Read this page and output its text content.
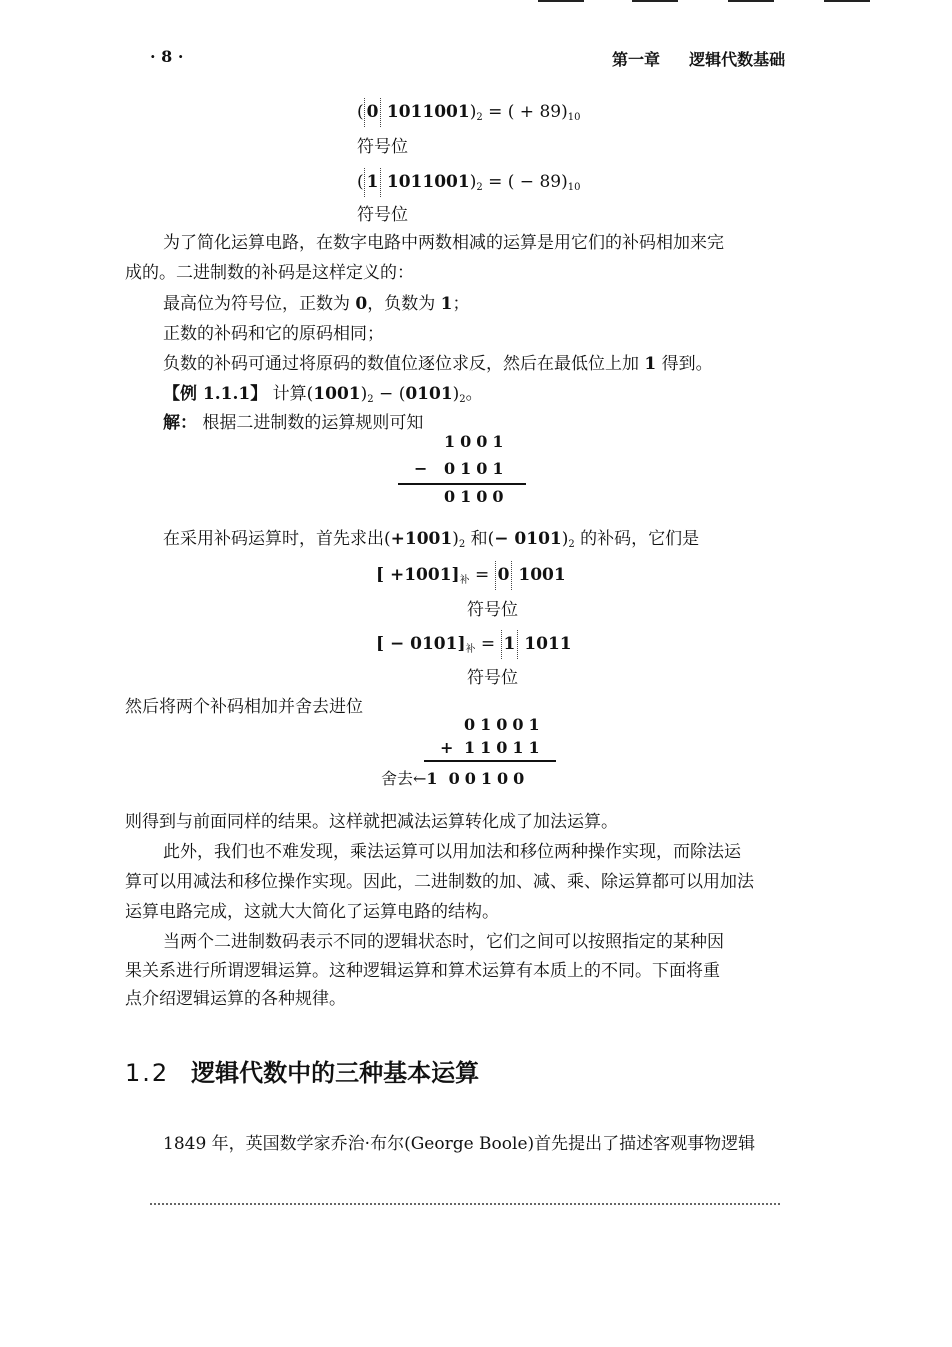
· 8 ·	第一章 逻辑代数基础
( 0 $1011001)_2$ = ( + $89)_{10}$
符号位
( 1 $1011001)_2$ = ( − $89)_{10}$
符号位
为了简化运算电路，在数字电路中两数相减的运算是用它们的补码相加来完
成的。二进制数的补码是这样定义的：
最高位为符号位，正数为 0，负数为 1；
正数的补码和它的原码相同；
负数的补码可通过将原码的数值位逐位求反，然后在最低位上加 1 得到。
【例 1.1.1】 计算$(1001)_2 - (0101)_2$。
解： 根据二进制数的运算规则可知
1001
− 0101
0100
在采用补码运算时，首先求出$(+1001)_2$ 和(− $0101)_2$ 的补码，它们是
[ $+1001]_补 = 0$ 1001
符号位
[ − $0101]_补 = 1$ 1011
符号位
然后将两个补码相加并舍去进位
01001
+ 11011
舍去←1 00100
则得到与前面同样的结果。这样就把减法运算转化成了加法运算。
此外，我们也不难发现，乘法运算可以用加法和移位两种操作实现，而除法运
算可以用减法和移位操作实现。因此，二进制数的加、减、乘、除运算都可以用加法
运算电路完成，这就大大简化了运算电路的结构。
当两个二进制数码表示不同的逻辑状态时，它们之间可以按照指定的某种因
果关系进行所谓逻辑运算。这种逻辑运算和算术运算有本质上的不同。下面将重
点介绍逻辑运算的各种规律。
1.2 逻辑代数中的三种基本运算
1849 年，英国数学家乔治·布尔(George Boole)首先提出了描述客观事物逻辑
